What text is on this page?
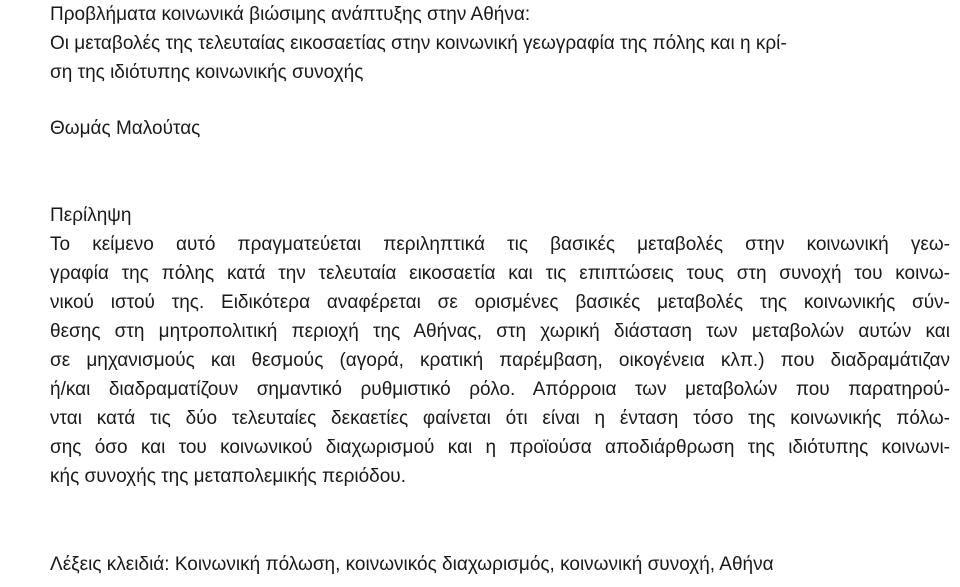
Προβλήματα κοινωνικά βιώσιμης ανάπτυξης στην Αθήνα:
Οι μεταβολές της τελευταίας εικοσαετίας στην κοινωνική γεωγραφία της πόλης και η κρί-
ση της ιδιότυπης κοινωνικής συνοχής
Θωμάς Μαλούτας
Περίληψη
Το κείμενο αυτό πραγματεύεται περιληπτικά τις βασικές μεταβολές στην κοινωνική γεω-
γραφία της πόλης κατά την τελευταία εικοσαετία και τις επιπτώσεις τους στη συνοχή του κοινω-
νικού ιστού της. Ειδικότερα αναφέρεται σε ορισμένες βασικές μεταβολές της κοινωνικής σύν-
θεσης στη μητροπολιτική περιοχή της Αθήνας, στη χωρική διάσταση των μεταβολών αυτών και
σε μηχανισμούς και θεσμούς (αγορά, κρατική παρέμβαση, οικογένεια κλπ.) που διαδραμάτιζαν
ή/και διαδραματίζουν σημαντικό ρυθμιστικό ρόλο. Απόρροια των μεταβολών που παρατηρού-
νται κατά τις δύο τελευταίες δεκαετίες φαίνεται ότι είναι η ένταση τόσο της κοινωνικής πόλω-
σης όσο και του κοινωνικού διαχωρισμού και η προϊούσα αποδιάρθρωση της ιδιότυπης κοινωνι-
κής συνοχής της μεταπολεμικής περιόδου.
Λέξεις κλειδιά: Κοινωνική πόλωση, κοινωνικός διαχωρισμός, κοινωνική συνοχή, Αθήνα
